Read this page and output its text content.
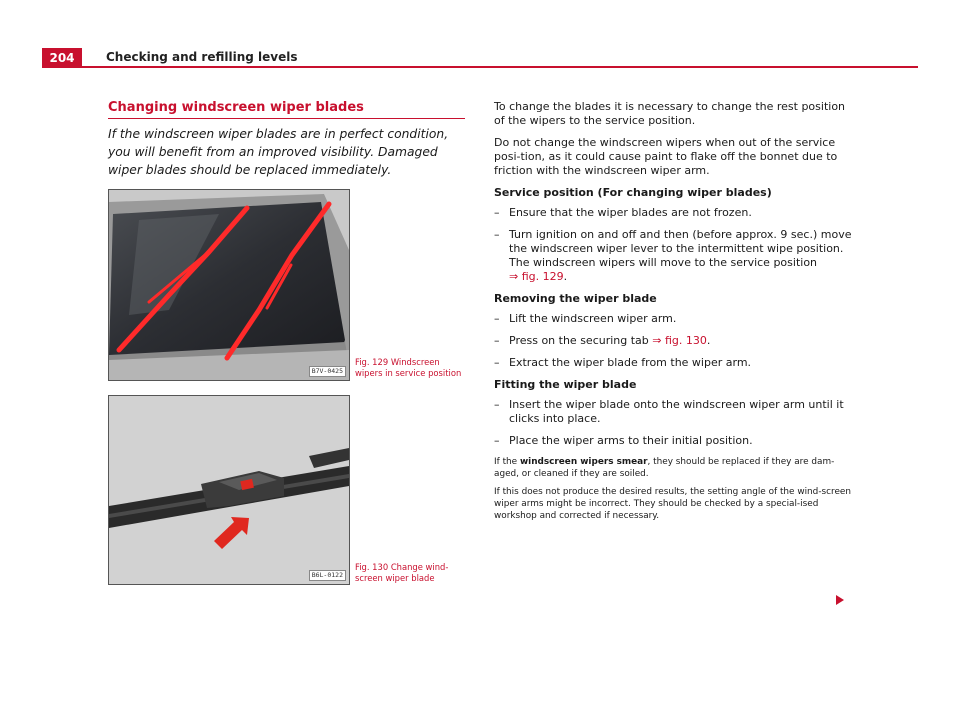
204	Checking and refilling levels
Changing windscreen wiper blades
If the windscreen wiper blades are in perfect condition, you will benefit from an improved visibility. Damaged wiper blades should be replaced immediately.
B7V-0425
Fig. 129 Windscreen wipers in service position
B6L-0122
Fig. 130 Change wind-screen wiper blade

To change the blades it is necessary to change the rest position of the wipers to the service position.

Do not change the windscreen wipers when out of the service posi-tion, as it could cause paint to flake off the bonnet due to friction with the windscreen wiper arm.

Service position (For changing wiper blades)
– Ensure that the wiper blades are not frozen.
– Turn ignition on and off and then (before approx. 9 sec.) move the windscreen wiper lever to the intermittent wipe position. The windscreen wipers will move to the service position
⇒ fig. 129.
Removing the wiper blade
– Lift the windscreen wiper arm.
– Press on the securing tab ⇒ fig. 130.
– Extract the wiper blade from the wiper arm.
Fitting the wiper blade
– Insert the wiper blade onto the windscreen wiper arm until it clicks into place.
– Place the wiper arms to their initial position.

If the windscreen wipers smear, they should be replaced if they are dam-aged, or cleaned if they are soiled.

If this does not produce the desired results, the setting angle of the wind-screen wiper arms might be incorrect. They should be checked by a special-ised workshop and corrected if necessary.
